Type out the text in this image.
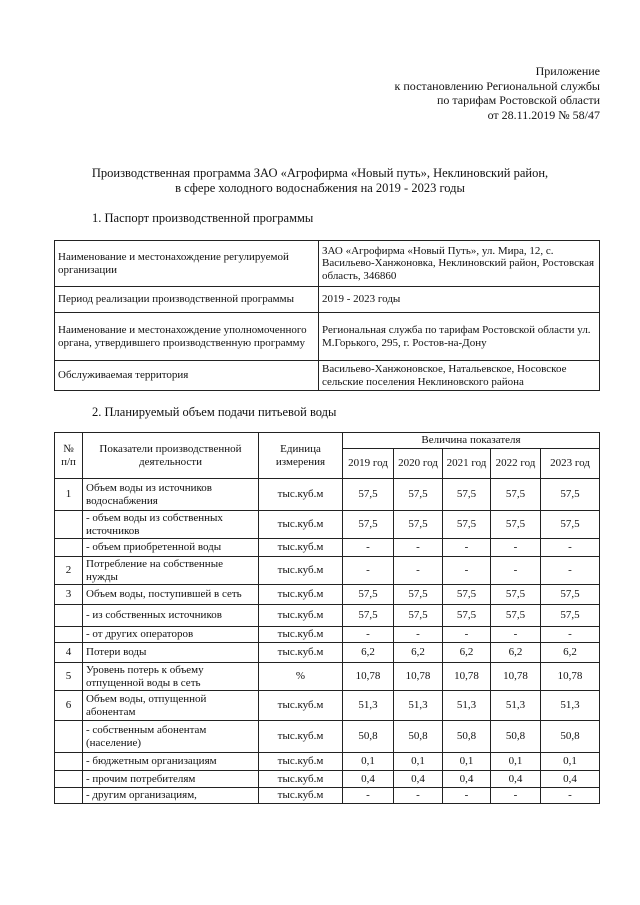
Приложение
к постановлению Региональной службы
по тарифам Ростовской области
от 28.11.2019 № 58/47
Производственная программа ЗАО «Агрофирма «Новый путь», Неклиновский район,
в сфере холодного водоснабжения на 2019 - 2023 годы
1. Паспорт производственной программы
Наименование и местонахождение регулируемой организации	ЗАО «Агрофирма «Новый Путь», ул. Мира, 12, с. Васильево-Ханжоновка, Неклиновский район, Ростовская область, 346860
Период реализации производственной программы	2019 - 2023 годы
Наименование и местонахождение уполномоченного органа, утвердившего производственную программу	Региональная служба по тарифам Ростовской области ул. М.Горького, 295, г. Ростов-на-Дону
Обслуживаемая территория	Васильево-Ханжоновское, Натальевское, Носовское сельские поселения Неклиновского района
2. Планируемый объем подачи питьевой воды
№ п/п	Показатели производственной деятельности	Единица измерения	Величина показателя				
			2019 год	2020 год	2021 год	2022 год	2023 год
1	Объем воды из источников водоснабжения	тыс.куб.м	57,5	57,5	57,5	57,5	57,5
	- объем воды из собственных источников	тыс.куб.м	57,5	57,5	57,5	57,5	57,5
	- объем приобретенной воды	тыс.куб.м	-	-	-	-	-
2	Потребление на собственные нужды	тыс.куб.м	-	-	-	-	-
3	Объем воды, поступившей в сеть	тыс.куб.м	57,5	57,5	57,5	57,5	57,5
	- из собственных источников	тыс.куб.м	57,5	57,5	57,5	57,5	57,5
	- от других операторов	тыс.куб.м	-	-	-	-	-
4	Потери воды	тыс.куб.м	6,2	6,2	6,2	6,2	6,2
5	Уровень потерь к объему отпущенной воды в сеть	%	10,78	10,78	10,78	10,78	10,78
6	Объем воды, отпущенной абонентам	тыс.куб.м	51,3	51,3	51,3	51,3	51,3
	- собственным абонентам (население)	тыс.куб.м	50,8	50,8	50,8	50,8	50,8
	- бюджетным организациям	тыс.куб.м	0,1	0,1	0,1	0,1	0,1
	- прочим потребителям	тыс.куб.м	0,4	0,4	0,4	0,4	0,4
	- другим организациям,	тыс.куб.м	-	-	-	-	-
